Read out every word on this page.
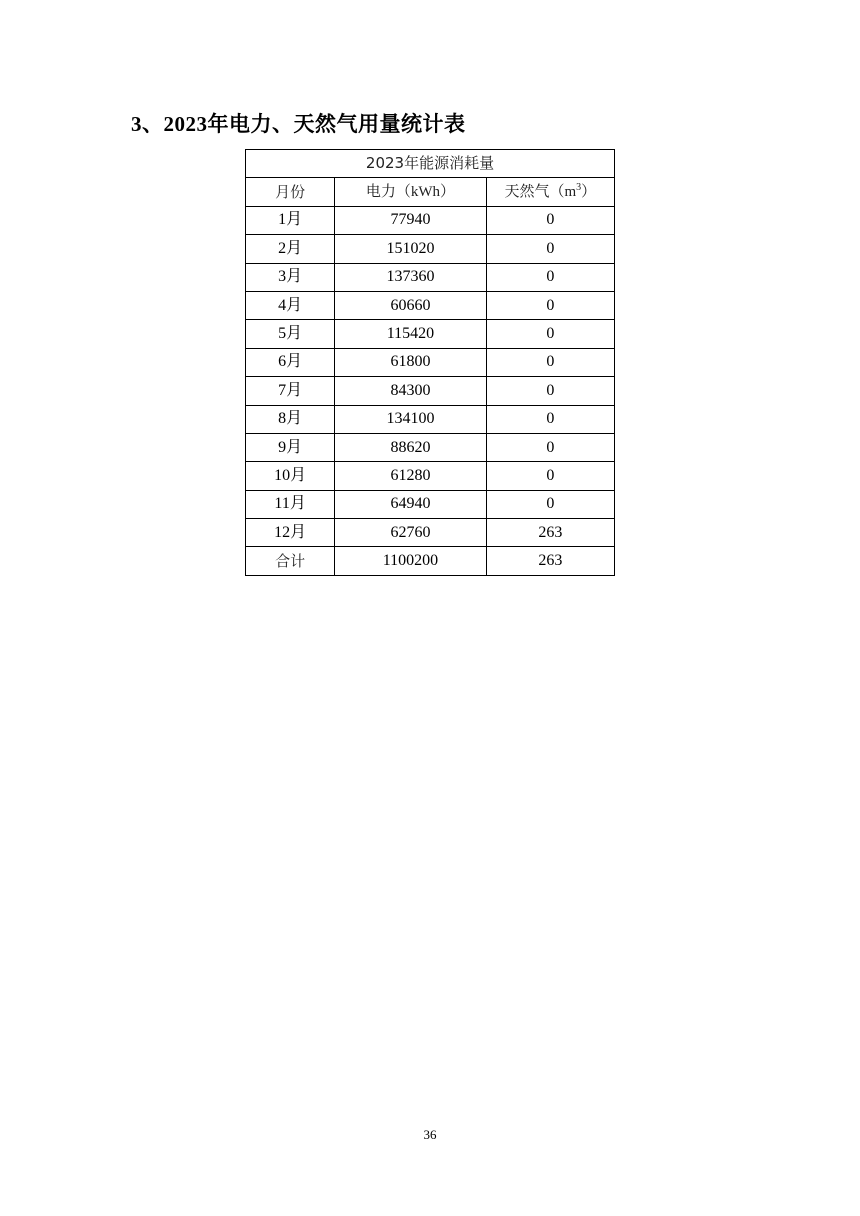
3、2023年电力、天然气用量统计表
2023年能源消耗量		
月份	电力（kWh）	天然气$(m^3)$
1月	77940	0
2月	151020	0
3月	137360	0
4月	60660	0
5月	115420	0
6月	61800	0
7月	84300	0
8月	134100	0
9月	88620	0
10月	61280	0
11月	64940	0
12月	62760	263
合计	1100200	263
36
